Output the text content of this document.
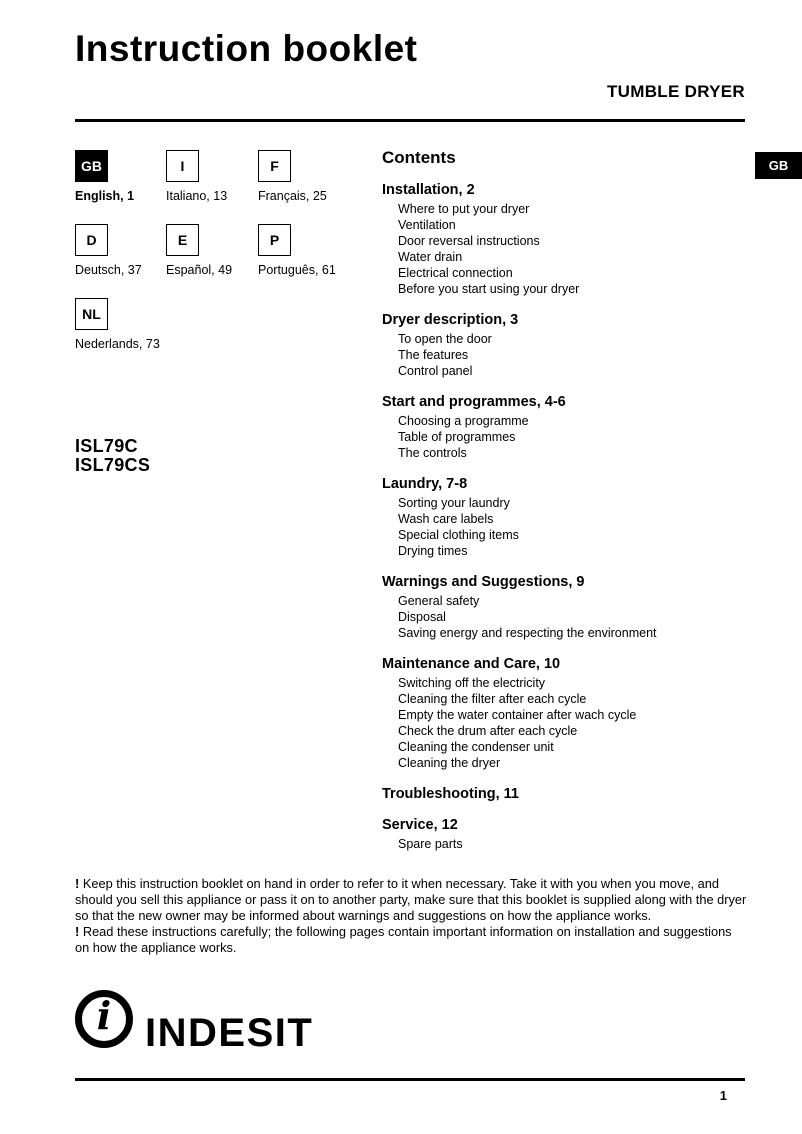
Instruction booklet
TUMBLE DRYER
GB
GB
English, 1
I
Italiano, 13
F
Français, 25
D
Deutsch, 37
E
Español, 49
P
Português, 61
NL
Nederlands, 73
ISL79C
ISL79CS
Contents
Installation, 2
Where to put your dryer
Ventilation
Door reversal instructions
Water drain
Electrical connection
Before you start using your dryer
Dryer description, 3
To open the door
The features
Control panel
Start and programmes, 4-6
Choosing a programme
Table of programmes
The controls
Laundry, 7-8
Sorting your laundry
Wash care labels
Special clothing items
Drying times
Warnings and Suggestions, 9
General safety
Disposal
Saving energy and respecting the environment
Maintenance and Care, 10
Switching off the electricity
Cleaning the filter after each cycle
Empty the water container after wach cycle
Check the drum after each cycle
Cleaning the condenser unit
Cleaning the dryer
Troubleshooting, 11
Service, 12
Spare parts
! Keep this instruction booklet on hand in order to refer to it when necessary. Take it with you when you move, and should you sell this appliance or pass it on to another party, make sure that this booklet is supplied along with the dryer so that the new owner may be informed about warnings and suggestions on how the appliance works.
! Read these instructions carefully; the following pages contain important information on installation and suggestions on how the appliance works.
i INDESIT
1
